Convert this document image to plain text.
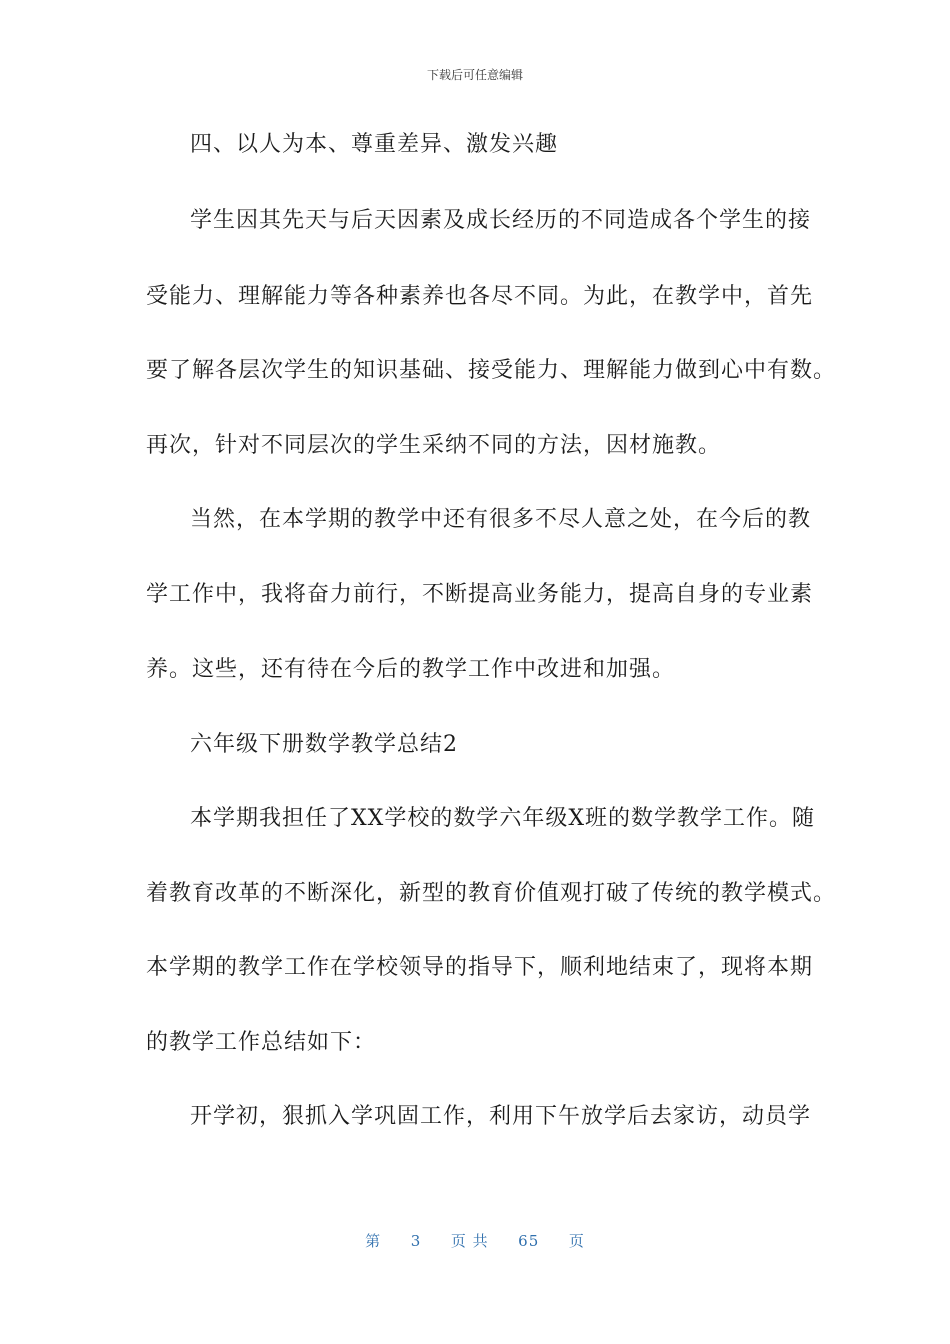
下载后可任意编辑
四、以人为本、尊重差异、激发兴趣
学生因其先天与后天因素及成长经历的不同造成各个学生的接
受能力、理解能力等各种素养也各尽不同。为此，在教学中，首先
要了解各层次学生的知识基础、接受能力、理解能力做到心中有数。
再次，针对不同层次的学生采纳不同的方法，因材施教。
当然，在本学期的教学中还有很多不尽人意之处，在今后的教
学工作中，我将奋力前行，不断提高业务能力，提高自身的专业素
养。这些，还有待在今后的教学工作中改进和加强。
六年级下册数学教学总结2
本学期我担任了XX学校的数学六年级X班的数学教学工作。随
着教育改革的不断深化，新型的教育价值观打破了传统的教学模式。
本学期的教学工作在学校领导的指导下，顺利地结束了，现将本期
的教学工作总结如下：
开学初，狠抓入学巩固工作，利用下午放学后去家访，动员学
第 3 页 共 65 页
